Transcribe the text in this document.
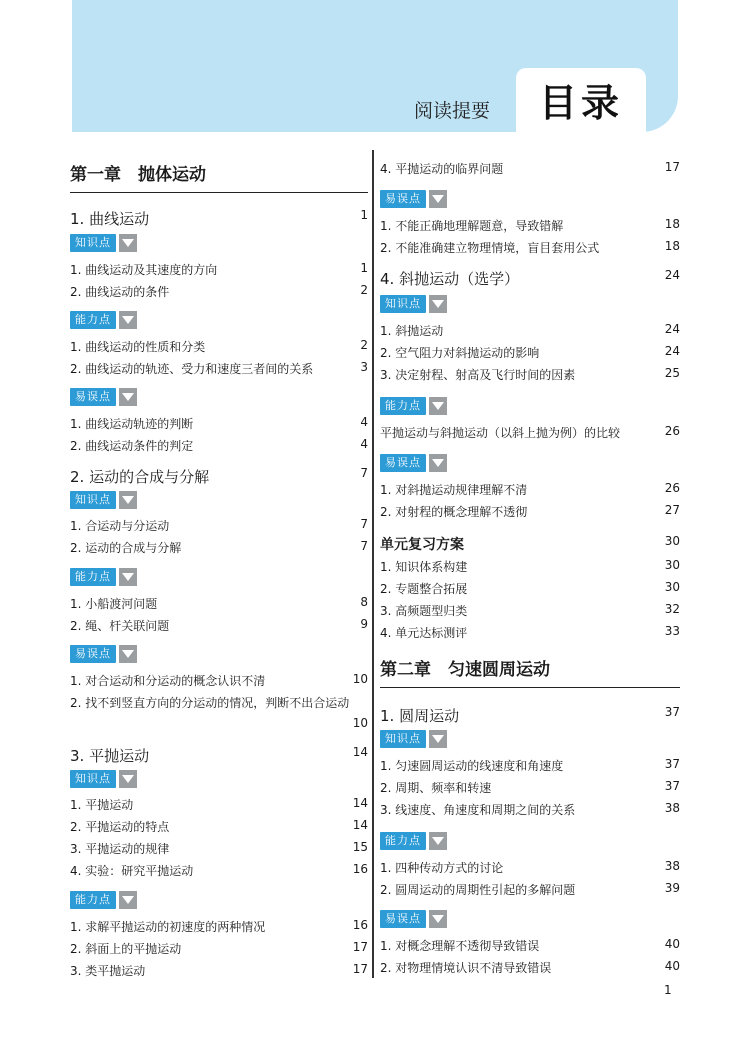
目录
阅读提要
第一章　抛体运动
1. 曲线运动	1
知识点
1. 曲线运动及其速度的方向	1
2. 曲线运动的条件	2
能力点
1. 曲线运动的性质和分类	2
2. 曲线运动的轨迹、受力和速度三者间的关系	3
易误点
1. 曲线运动轨迹的判断	4
2. 曲线运动条件的判定	4
2. 运动的合成与分解	7
知识点
1. 合运动与分运动	7
2. 运动的合成与分解	7
能力点
1. 小船渡河问题	8
2. 绳、杆关联问题	9
易误点
1. 对合运动和分运动的概念认识不清	10
2. 找不到竖直方向的分运动的情况，判断不出合运动
10
3. 平抛运动	14
知识点
1. 平抛运动	14
2. 平抛运动的特点	14
3. 平抛运动的规律	15
4. 实验：研究平抛运动	16
能力点
1. 求解平抛运动的初速度的两种情况	16
2. 斜面上的平抛运动	17
3. 类平抛运动	17
4. 平抛运动的临界问题	17
易误点
1. 不能正确地理解题意，导致错解	18
2. 不能准确建立物理情境，盲目套用公式	18
4. 斜抛运动（选学）	24
知识点
1. 斜抛运动	24
2. 空气阻力对斜抛运动的影响	24
3. 决定射程、射高及飞行时间的因素	25
能力点
平抛运动与斜抛运动（以斜上抛为例）的比较	26
易误点
1. 对斜抛运动规律理解不清	26
2. 对射程的概念理解不透彻	27
单元复习方案	30
1. 知识体系构建	30
2. 专题整合拓展	30
3. 高频题型归类	32
4. 单元达标测评	33
第二章　匀速圆周运动
1. 圆周运动	37
知识点
1. 匀速圆周运动的线速度和角速度	37
2. 周期、频率和转速	37
3. 线速度、角速度和周期之间的关系	38
能力点
1. 四种传动方式的讨论	38
2. 圆周运动的周期性引起的多解问题	39
易误点
1. 对概念理解不透彻导致错误	40
2. 对物理情境认识不清导致错误	40
1
